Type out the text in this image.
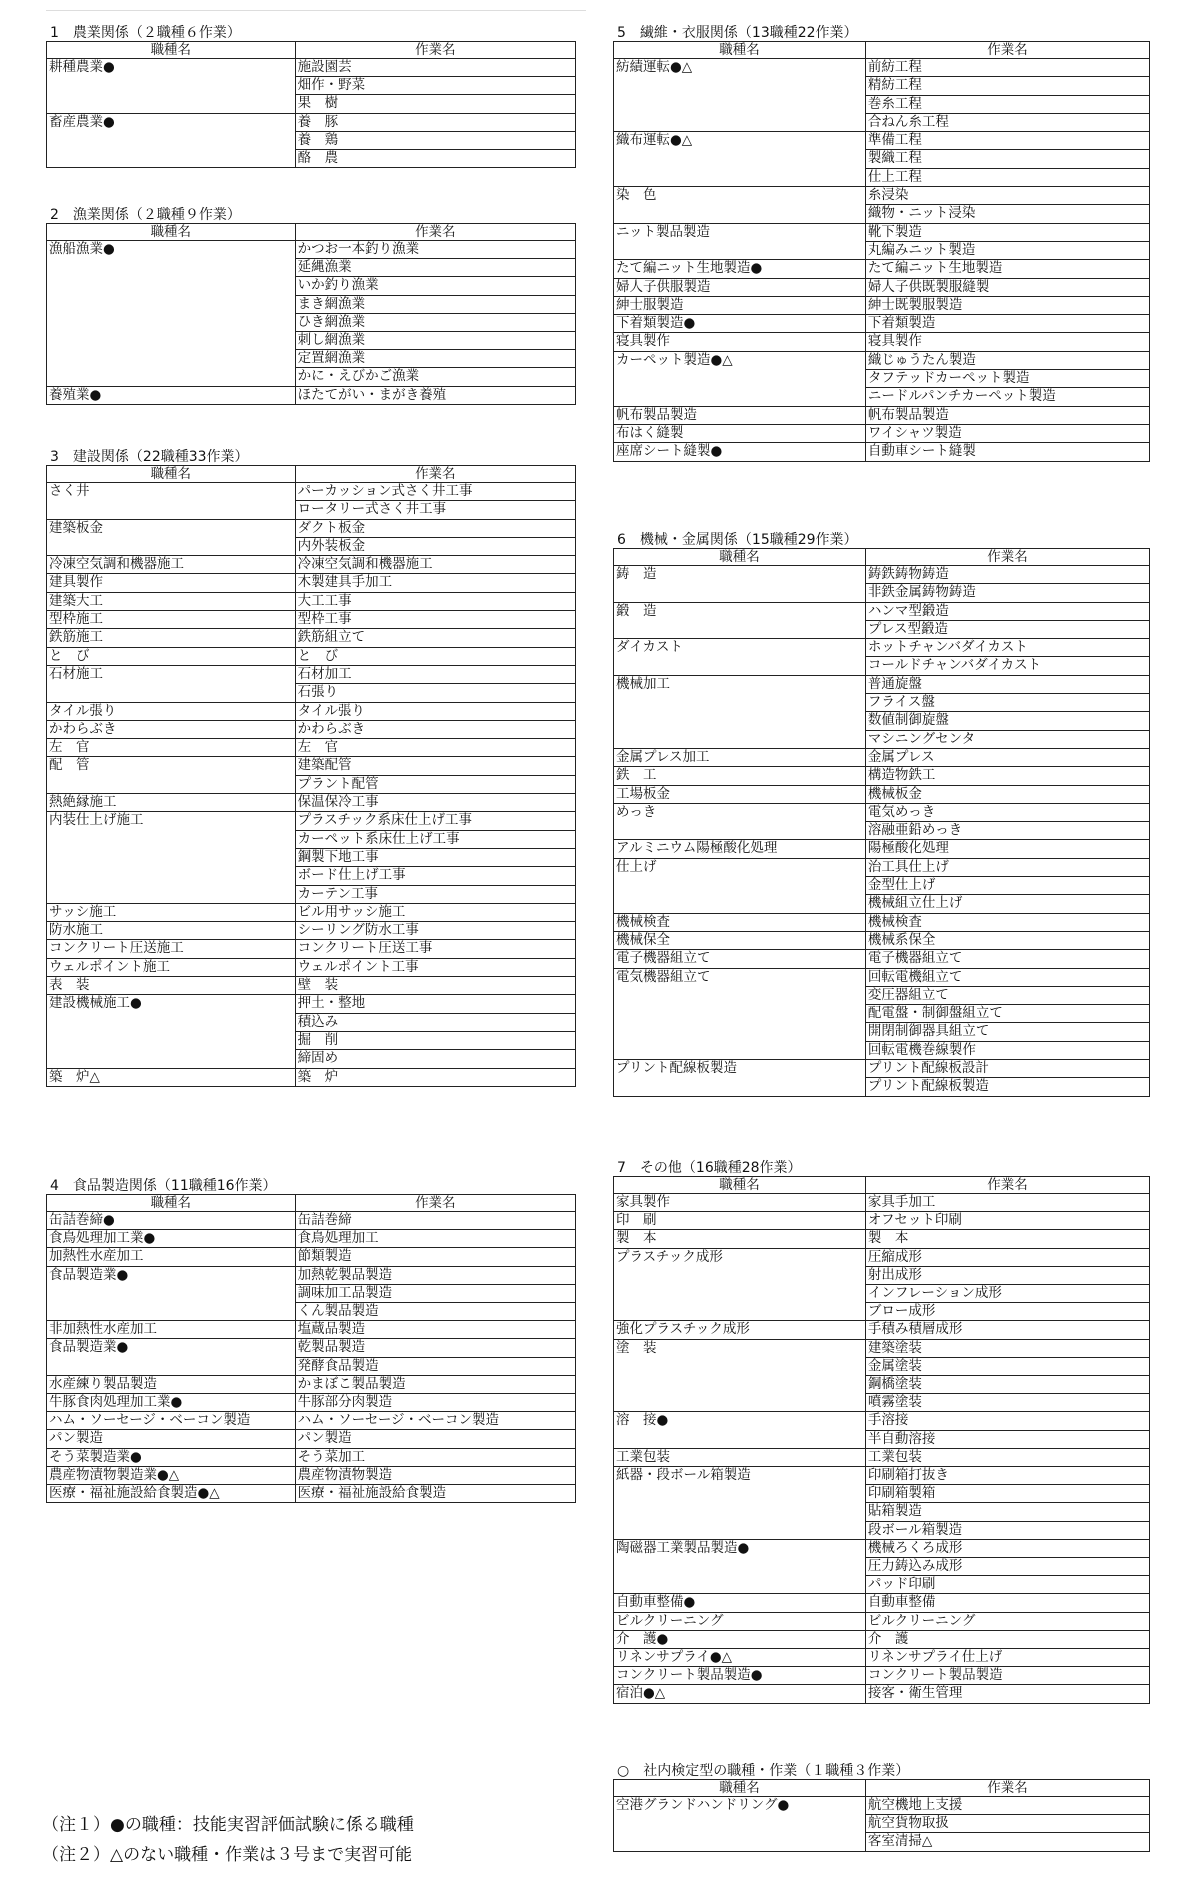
1　農業関係（２職種６作業）
職種名	作業名
耕種農業●	施設園芸
	畑作・野菜
	果　樹
畜産農業●	養　豚
	養　鶏
	酪　農
2　漁業関係（２職種９作業）
職種名	作業名
漁船漁業●	かつお一本釣り漁業
	延縄漁業
	いか釣り漁業
	まき網漁業
	ひき網漁業
	刺し網漁業
	定置網漁業
	かに・えびかご漁業
養殖業●	ほたてがい・まがき養殖
3　建設関係（22職種33作業）
職種名	作業名
さく井	パーカッション式さく井工事
	ロータリー式さく井工事
建築板金	ダクト板金
	内外装板金
冷凍空気調和機器施工	冷凍空気調和機器施工
建具製作	木製建具手加工
建築大工	大工工事
型枠施工	型枠工事
鉄筋施工	鉄筋組立て
と　び	と　び
石材施工	石材加工
	石張り
タイル張り	タイル張り
かわらぶき	かわらぶき
左　官	左　官
配　管	建築配管
	プラント配管
熱絶縁施工	保温保冷工事
内装仕上げ施工	プラスチック系床仕上げ工事
	カーペット系床仕上げ工事
	鋼製下地工事
	ボード仕上げ工事
	カーテン工事
サッシ施工	ビル用サッシ施工
防水施工	シーリング防水工事
コンクリート圧送施工	コンクリート圧送工事
ウェルポイント施工	ウェルポイント工事
表　装	壁　装
建設機械施工●	押土・整地
	積込み
	掘　削
	締固め
築　炉△	築　炉
4　食品製造関係（11職種16作業）
職種名	作業名
缶詰巻締●	缶詰巻締
食鳥処理加工業●	食鳥処理加工
加熱性水産加工	節類製造
食品製造業●	加熱乾製品製造
	調味加工品製造
	くん製品製造
非加熱性水産加工	塩蔵品製造
食品製造業●	乾製品製造
	発酵食品製造
水産練り製品製造	かまぼこ製品製造
牛豚食肉処理加工業●	牛豚部分肉製造
ハム・ソーセージ・ベーコン製造	ハム・ソーセージ・ベーコン製造
パン製造	パン製造
そう菜製造業●	そう菜加工
農産物漬物製造業●△	農産物漬物製造
医療・福祉施設給食製造●△	医療・福祉施設給食製造
5　繊維・衣服関係（13職種22作業）
職種名	作業名
紡績運転●△	前紡工程
	精紡工程
	巻糸工程
	合ねん糸工程
織布運転●△	準備工程
	製織工程
	仕上工程
染　色	糸浸染
	織物・ニット浸染
ニット製品製造	靴下製造
	丸編みニット製造
たて編ニット生地製造●	たて編ニット生地製造
婦人子供服製造	婦人子供既製服縫製
紳士服製造	紳士既製服製造
下着類製造●	下着類製造
寝具製作	寝具製作
カーペット製造●△	織じゅうたん製造
	タフテッドカーペット製造
	ニードルパンチカーペット製造
帆布製品製造	帆布製品製造
布はく縫製	ワイシャツ製造
座席シート縫製●	自動車シート縫製
6　機械・金属関係（15職種29作業）
職種名	作業名
鋳　造	鋳鉄鋳物鋳造
	非鉄金属鋳物鋳造
鍛　造	ハンマ型鍛造
	プレス型鍛造
ダイカスト	ホットチャンバダイカスト
	コールドチャンバダイカスト
機械加工	普通旋盤
	フライス盤
	数値制御旋盤
	マシニングセンタ
金属プレス加工	金属プレス
鉄　工	構造物鉄工
工場板金	機械板金
めっき	電気めっき
	溶融亜鉛めっき
アルミニウム陽極酸化処理	陽極酸化処理
仕上げ	治工具仕上げ
	金型仕上げ
	機械組立仕上げ
機械検査	機械検査
機械保全	機械系保全
電子機器組立て	電子機器組立て
電気機器組立て	回転電機組立て
	変圧器組立て
	配電盤・制御盤組立て
	開閉制御器具組立て
	回転電機巻線製作
プリント配線板製造	プリント配線板設計
	プリント配線板製造
7　その他（16職種28作業）
職種名	作業名
家具製作	家具手加工
印　刷	オフセット印刷
製　本	製　本
プラスチック成形	圧縮成形
	射出成形
	インフレーション成形
	ブロー成形
強化プラスチック成形	手積み積層成形
塗　装	建築塗装
	金属塗装
	鋼橋塗装
	噴霧塗装
溶　接●	手溶接
	半自動溶接
工業包装	工業包装
紙器・段ボール箱製造	印刷箱打抜き
	印刷箱製箱
	貼箱製造
	段ボール箱製造
陶磁器工業製品製造●	機械ろくろ成形
	圧力鋳込み成形
	パッド印刷
自動車整備●	自動車整備
ビルクリーニング	ビルクリーニング
介　護●	介　護
リネンサプライ●△	リネンサプライ仕上げ
コンクリート製品製造●	コンクリート製品製造
宿泊●△	接客・衛生管理
○　社内検定型の職種・作業（１職種３作業）
職種名	作業名
空港グランドハンドリング●	航空機地上支援
	航空貨物取扱
	客室清掃△
（注１）●の職種：技能実習評価試験に係る職種
（注２）△のない職種・作業は３号まで実習可能
